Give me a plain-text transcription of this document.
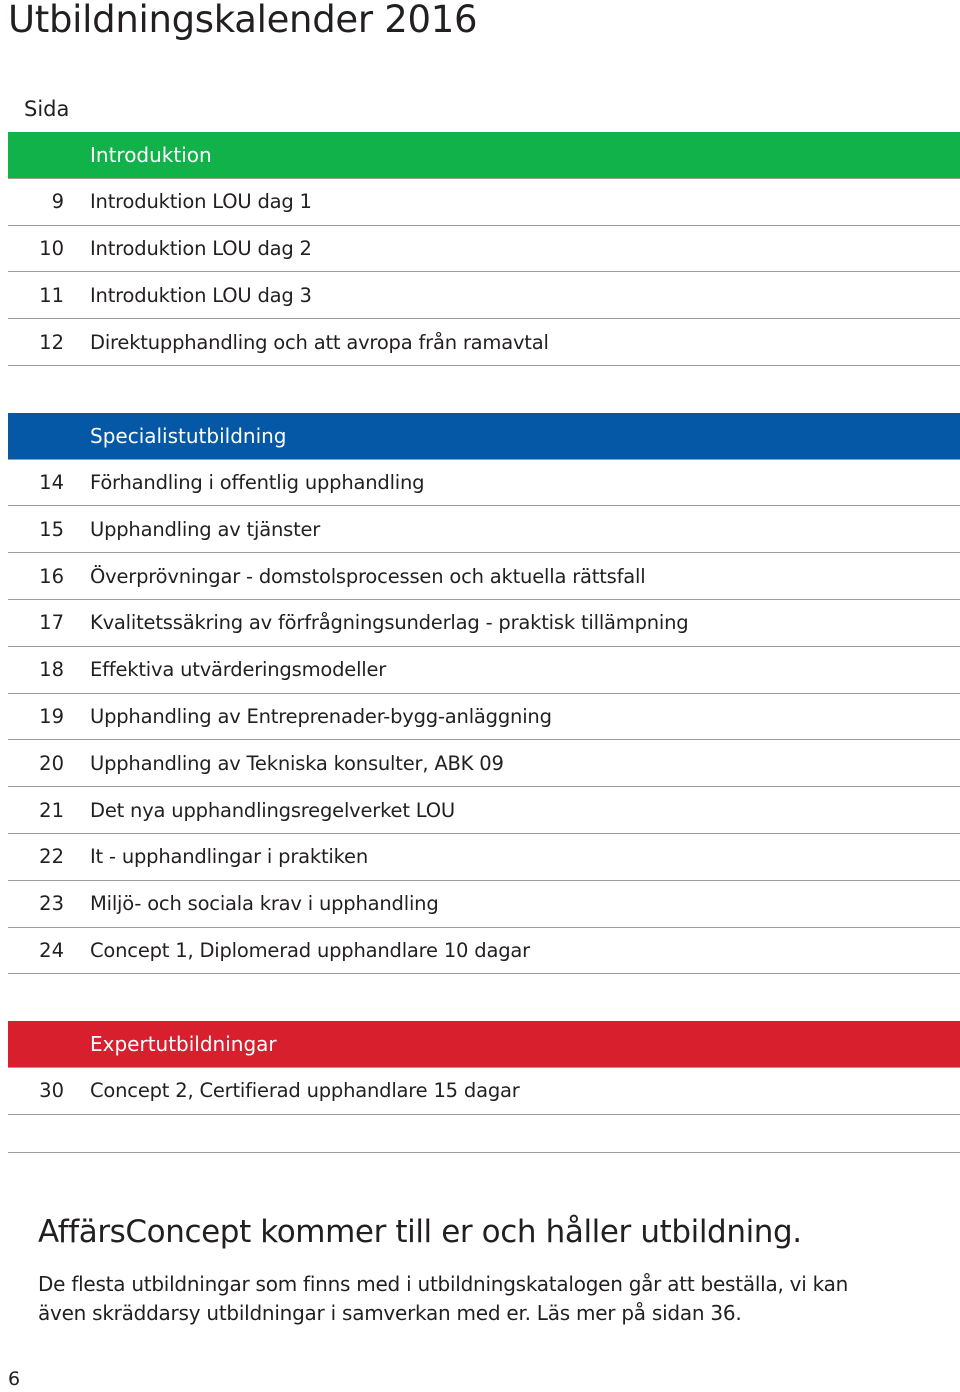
Utbildningskalender 2016
Sida
Introduktion
9 Introduktion LOU dag 1
10 Introduktion LOU dag 2
11 Introduktion LOU dag 3
12 Direktupphandling och att avropa från ramavtal
Specialistutbildning
14 Förhandling i offentlig upphandling
15 Upphandling av tjänster
16 Överprövningar - domstolsprocessen och aktuella rättsfall
17 Kvalitetssäkring av förfrågningsunderlag - praktisk tillämpning
18 Effektiva utvärderingsmodeller
19 Upphandling av Entreprenader-bygg-anläggning
20 Upphandling av Tekniska konsulter, ABK 09
21 Det nya upphandlingsregelverket LOU
22 It - upphandlingar i praktiken
23 Miljö- och sociala krav i upphandling
24 Concept 1, Diplomerad upphandlare 10 dagar
Expertutbildningar
30 Concept 2, Certifierad upphandlare 15 dagar
AffärsConcept kommer till er och håller utbildning.
De flesta utbildningar som finns med i utbildningskatalogen går att beställa, vi kan
även skräddarsy utbildningar i samverkan med er. Läs mer på sidan 36.
6
